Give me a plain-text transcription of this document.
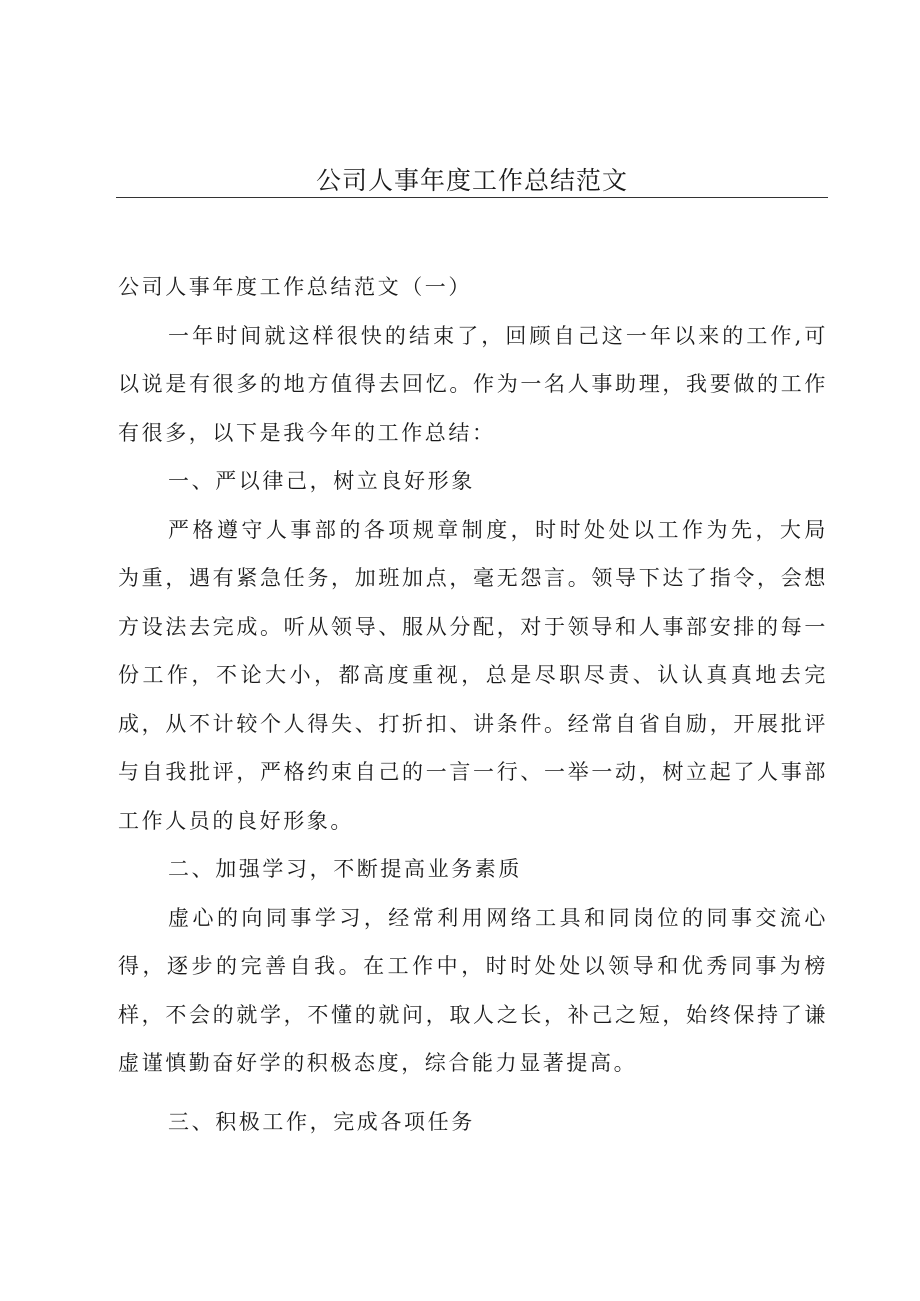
公司人事年度工作总结范文

公司人事年度工作总结范文（一）

一年时间就这样很快的结束了，回顾自己这一年以来的工作,可以说是有很多的地方值得去回忆。作为一名人事助理，我要做的工作有很多，以下是我今年的工作总结：

一、严以律己，树立良好形象

严格遵守人事部的各项规章制度，时时处处以工作为先，大局为重，遇有紧急任务，加班加点，毫无怨言。领导下达了指令，会想方设法去完成。听从领导、服从分配，对于领导和人事部安排的每一份工作，不论大小，都高度重视，总是尽职尽责、认认真真地去完成，从不计较个人得失、打折扣、讲条件。经常自省自励，开展批评与自我批评，严格约束自己的一言一行、一举一动，树立起了人事部工作人员的良好形象。

二、加强学习，不断提高业务素质

虚心的向同事学习，经常利用网络工具和同岗位的同事交流心得，逐步的完善自我。在工作中，时时处处以领导和优秀同事为榜样，不会的就学，不懂的就问，取人之长，补己之短，始终保持了谦虚谨慎勤奋好学的积极态度，综合能力显著提高。

三、积极工作，完成各项任务
